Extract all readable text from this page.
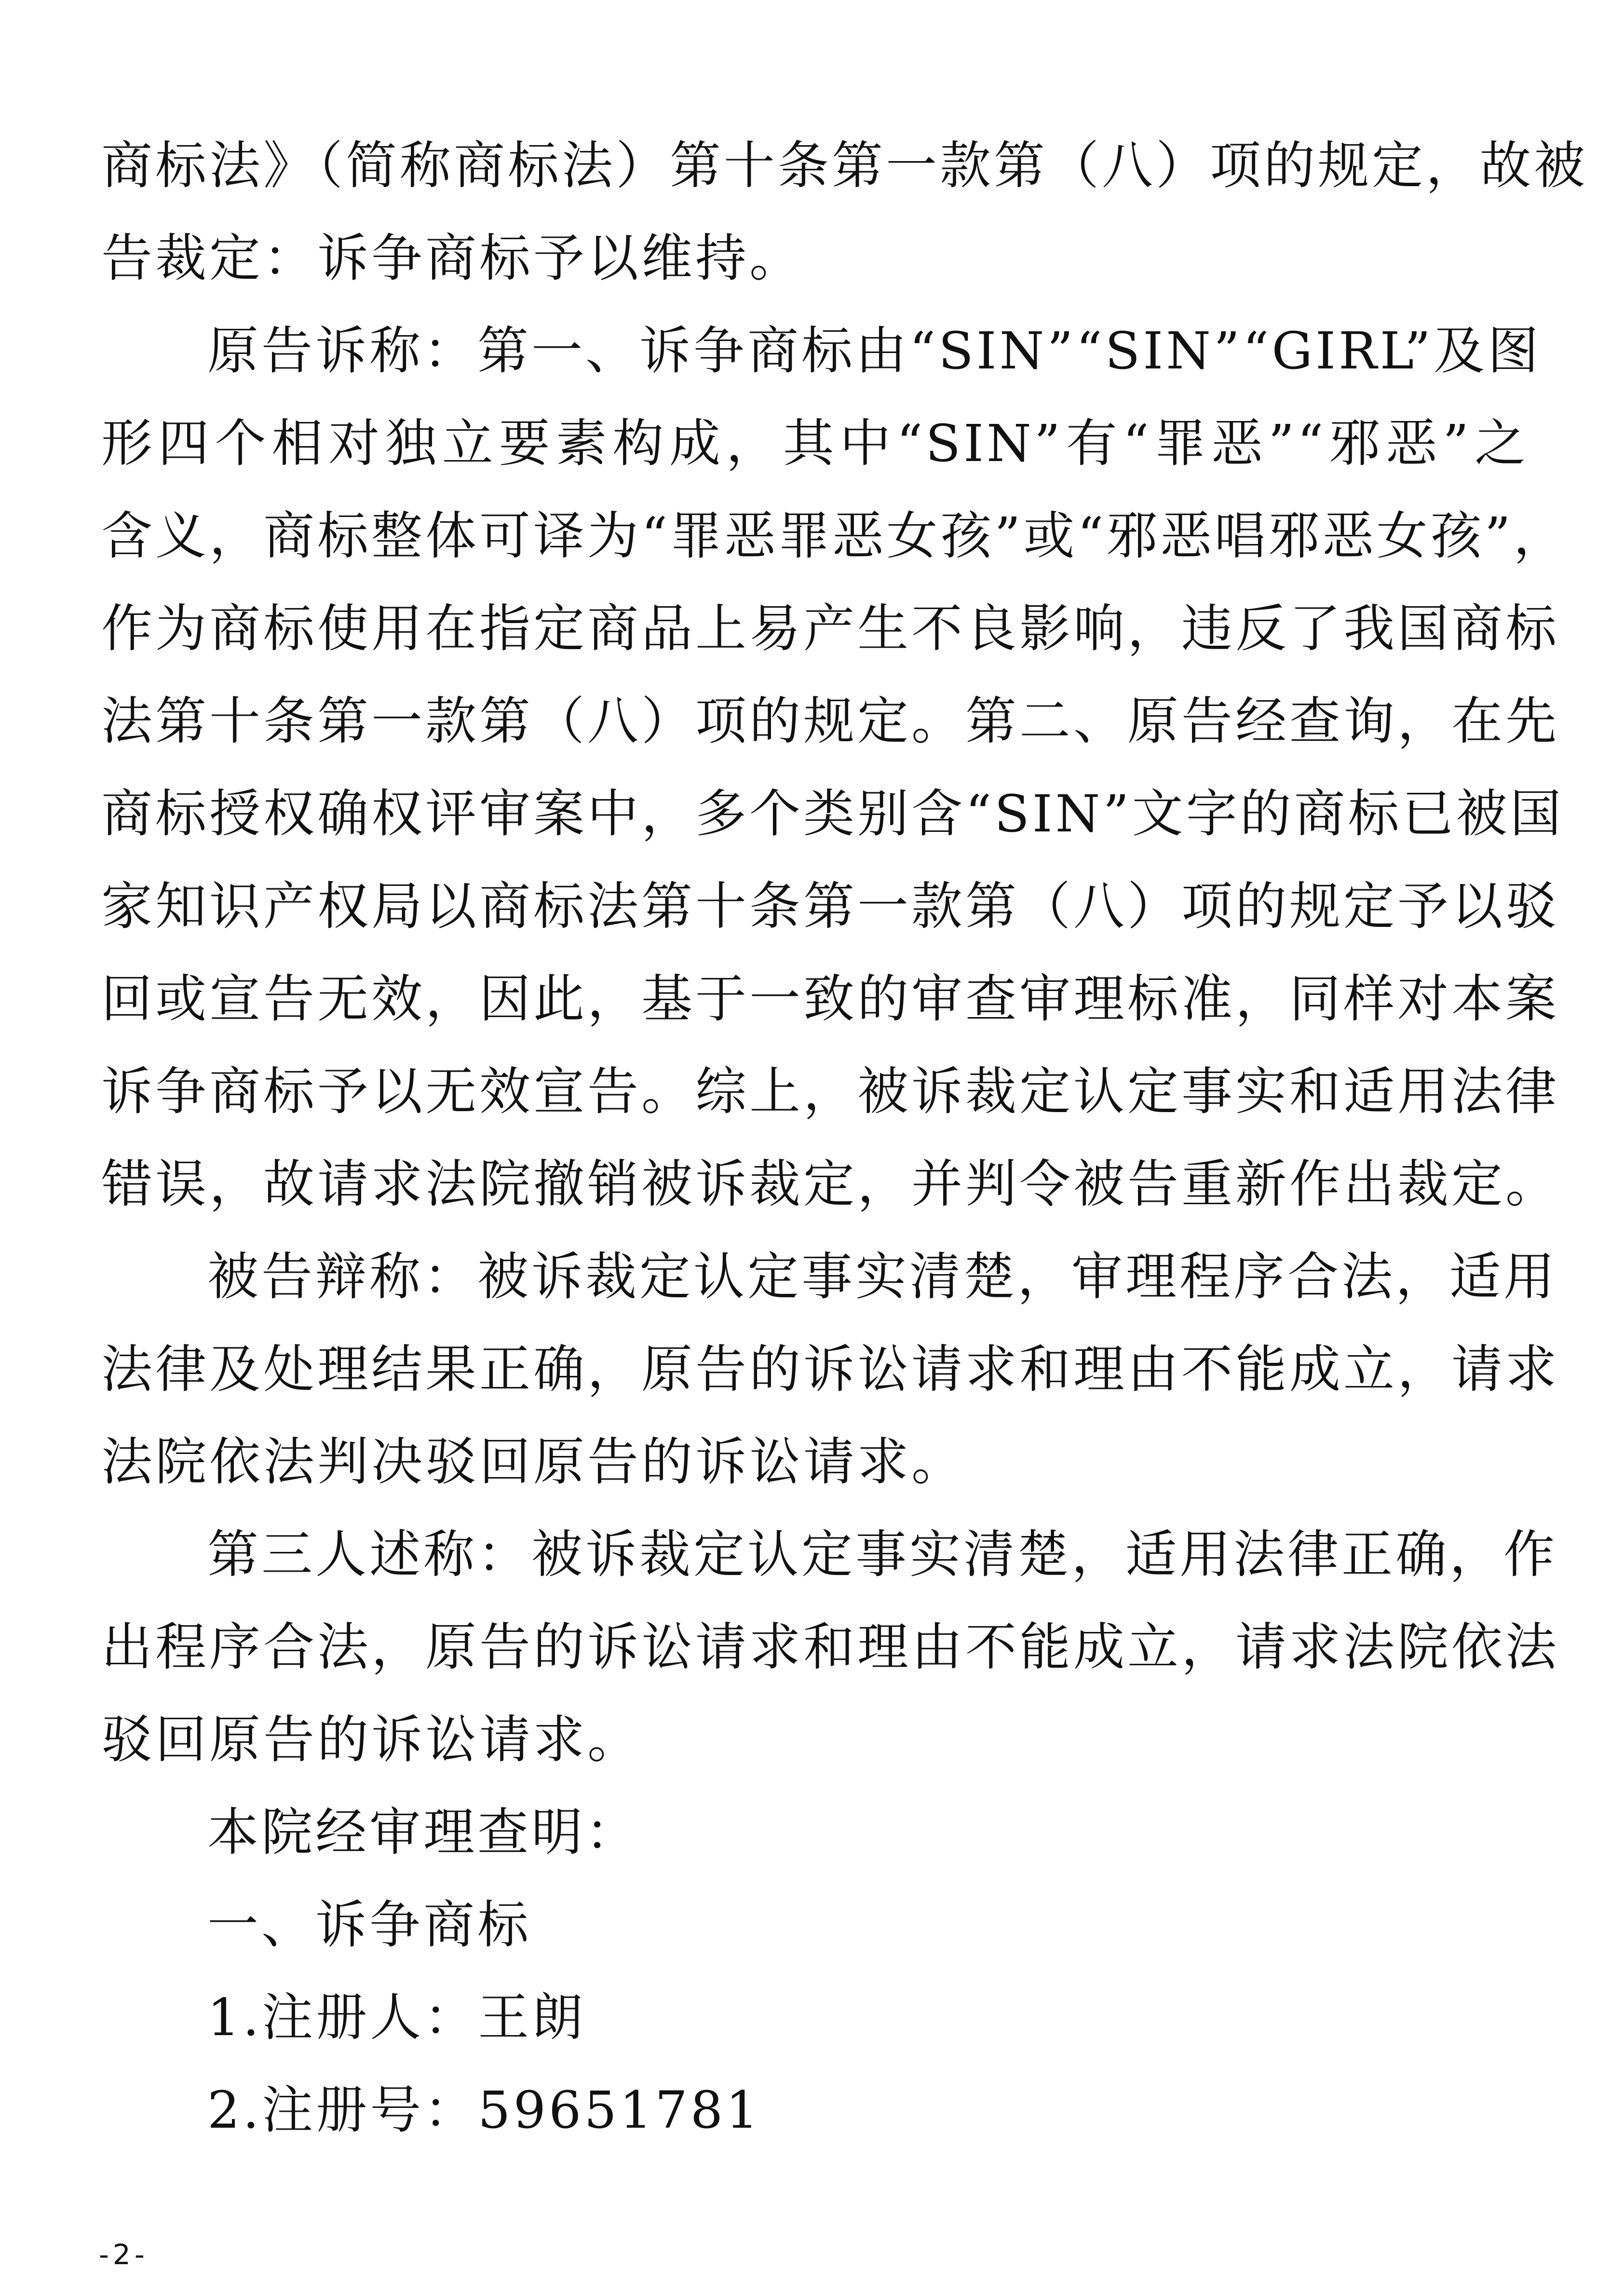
商标法》（简称商标法）第十条第一款第（八）项的规定，故被
告裁定：诉争商标予以维持。
原告诉称：第一、诉争商标由“SIN”“SIN”“GIRL”及图
形四个相对独立要素构成，其中“SIN”有“罪恶”“邪恶”之
含义，商标整体可译为“罪恶罪恶女孩”或“邪恶唱邪恶女孩”，
作为商标使用在指定商品上易产生不良影响，违反了我国商标
法第十条第一款第（八）项的规定。第二、原告经查询，在先
商标授权确权评审案中，多个类别含“SIN”文字的商标已被国
家知识产权局以商标法第十条第一款第（八）项的规定予以驳
回或宣告无效，因此，基于一致的审查审理标准，同样对本案
诉争商标予以无效宣告。综上，被诉裁定认定事实和适用法律
错误，故请求法院撤销被诉裁定，并判令被告重新作出裁定。
被告辩称：被诉裁定认定事实清楚，审理程序合法，适用
法律及处理结果正确，原告的诉讼请求和理由不能成立，请求
法院依法判决驳回原告的诉讼请求。
第三人述称：被诉裁定认定事实清楚，适用法律正确，作
出程序合法，原告的诉讼请求和理由不能成立，请求法院依法
驳回原告的诉讼请求。
本院经审理查明：
一、诉争商标
1.注册人：王朗
2.注册号：59651781
-2-
